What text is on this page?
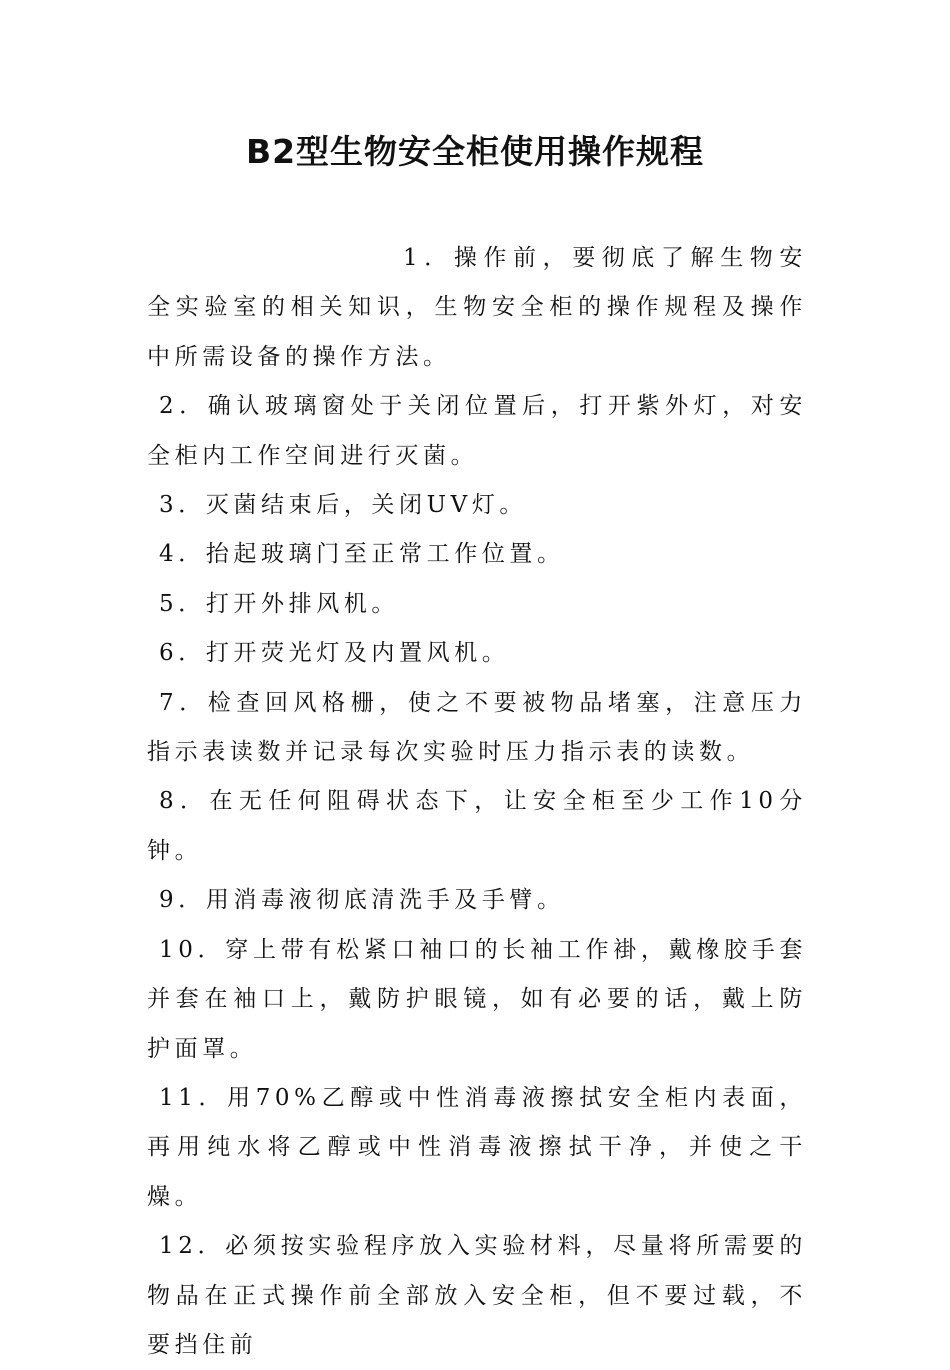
B2型生物安全柜使用操作规程

1．操作前，要彻底了解生物安全实验室的相关知识，生物安全柜的操作规程及操作中所需设备的操作方法。

2．确认玻璃窗处于关闭位置后，打开紫外灯，对安全柜内工作空间进行灭菌。

3．灭菌结束后，关闭UV灯。

4．抬起玻璃门至正常工作位置。

5．打开外排风机。

6．打开荧光灯及内置风机。

7．检查回风格栅，使之不要被物品堵塞，注意压力指示表读数并记录每次实验时压力指示表的读数。

8．在无任何阻碍状态下，让安全柜至少工作10分钟。

9．用消毒液彻底清洗手及手臂。

10．穿上带有松紧口袖口的长袖工作褂，戴橡胶手套并套在袖口上，戴防护眼镜，如有必要的话，戴上防护面罩。

11．用70%乙醇或中性消毒液擦拭安全柜内表面，再用纯水将乙醇或中性消毒液擦拭干净，并使之干燥。

12．必须按实验程序放入实验材料，尽量将所需要的物品在正式操作前全部放入安全柜，但不要过载，不要挡住前
